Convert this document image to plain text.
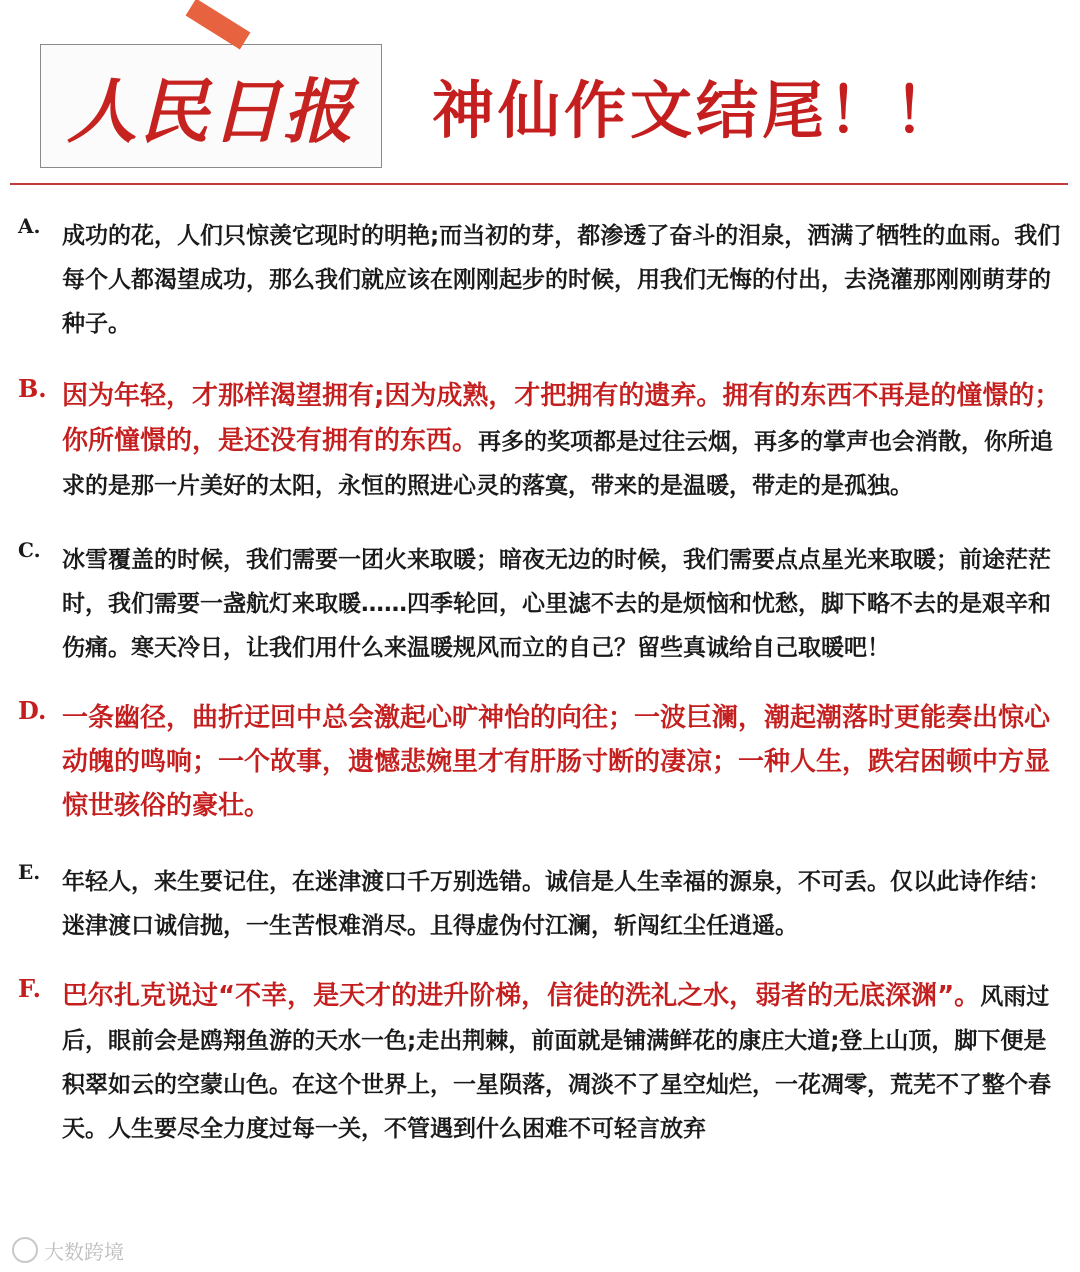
人民日报 神仙作文结尾！！
A. 成功的花，人们只惊羡它现时的明艳;而当初的芽，都渗透了奋斗的泪泉，洒满了牺牲的血雨。我们每个人都渴望成功，那么我们就应该在刚刚起步的时候，用我们无悔的付出，去浇灌那刚刚萌芽的种子。
B. 因为年轻，才那样渴望拥有;因为成熟，才把拥有的遗弃。拥有的东西不再是的憧憬的；你所憧憬的，是还没有拥有的东西。再多的奖项都是过往云烟，再多的掌声也会消散，你所追求的是那一片美好的太阳，永恒的照进心灵的落寞，带来的是温暖，带走的是孤独。
C. 冰雪覆盖的时候，我们需要一团火来取暖；暗夜无边的时候，我们需要点点星光来取暖；前途茫茫时，我们需要一盏航灯来取暖……四季轮回，心里滤不去的是烦恼和忧愁，脚下略不去的是艰辛和伤痛。寒天冷日，让我们用什么来温暖规风而立的自己？留些真诚给自己取暖吧！
D. 一条幽径，曲折迂回中总会激起心旷神怡的向往；一波巨澜，潮起潮落时更能奏出惊心动魄的鸣响；一个故事，遗憾悲婉里才有肝肠寸断的凄凉；一种人生，跌宕困顿中方显惊世骇俗的豪壮。
E. 年轻人，来生要记住，在迷津渡口千万别选错。诚信是人生幸福的源泉，不可丢。仅以此诗作结：迷津渡口诚信抛，一生苦恨难消尽。且得虚伪付江澜，斩闯红尘任逍遥。
F. 巴尔扎克说过“不幸，是天才的进升阶梯，信徒的洗礼之水，弱者的无底深渊”。风雨过后，眼前会是鸥翔鱼游的天水一色;走出荆棘，前面就是铺满鲜花的康庄大道;登上山顶，脚下便是积翠如云的空蒙山色。在这个世界上，一星陨落，凋淡不了星空灿烂，一花凋零，荒芜不了整个春天。人生要尽全力度过每一关，不管遇到什么困难不可轻言放弃
大数跨境
